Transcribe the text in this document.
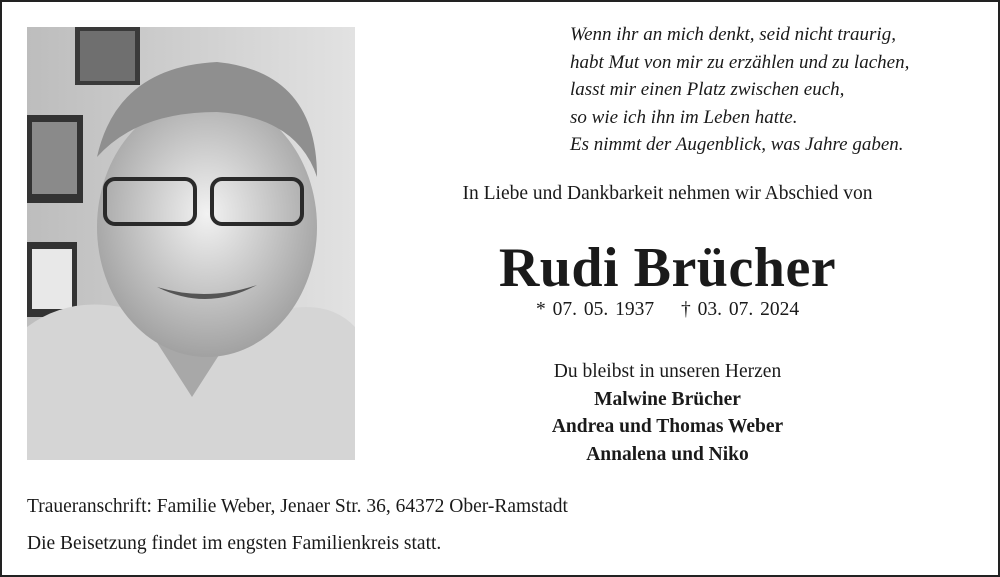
Wenn ihr an mich denkt, seid nicht traurig,
habt Mut von mir zu erzählen und zu lachen,
lasst mir einen Platz zwischen euch,
so wie ich ihn im Leben hatte.
Es nimmt der Augenblick, was Jahre gaben.
In Liebe und Dankbarkeit nehmen wir Abschied von
Rudi Brücher
* 07. 05. 1937 † 03. 07. 2024
Du bleibst in unseren Herzen
Malwine Brücher
Andrea und Thomas Weber
Annalena und Niko
Traueranschrift: Familie Weber, Jenaer Str. 36, 64372 Ober-Ramstadt
Die Beisetzung findet im engsten Familienkreis statt.
